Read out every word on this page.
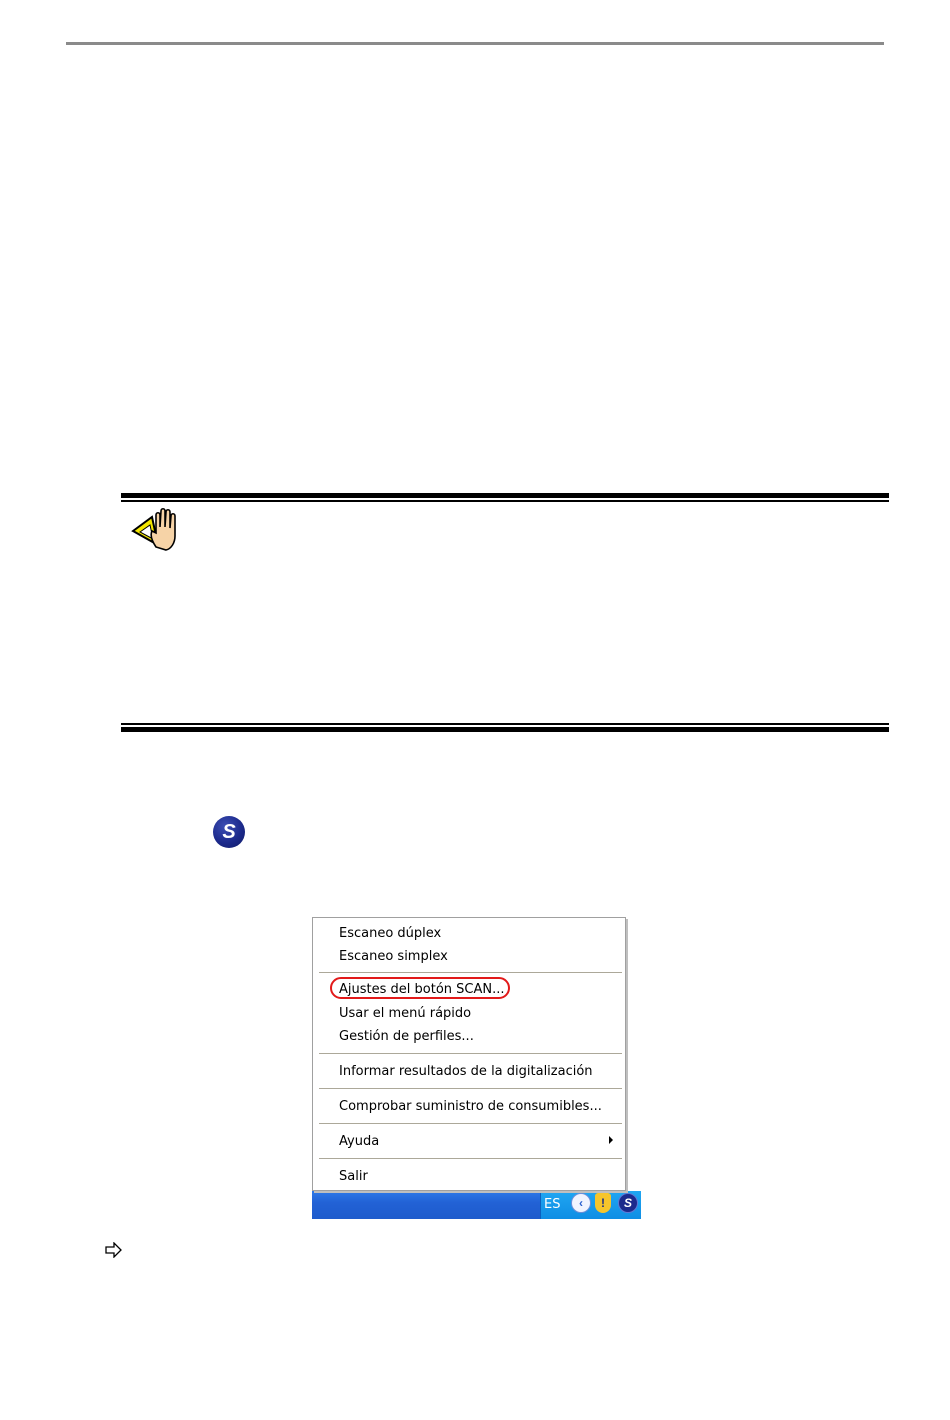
S
ES	‹	!	S
Escaneo dúplex
Escaneo simplex
Ajustes del botón SCAN...
Usar el menú rápido
Gestión de perfiles...
Informar resultados de la digitalización
Comprobar suministro de consumibles...
Ayuda
Salir
